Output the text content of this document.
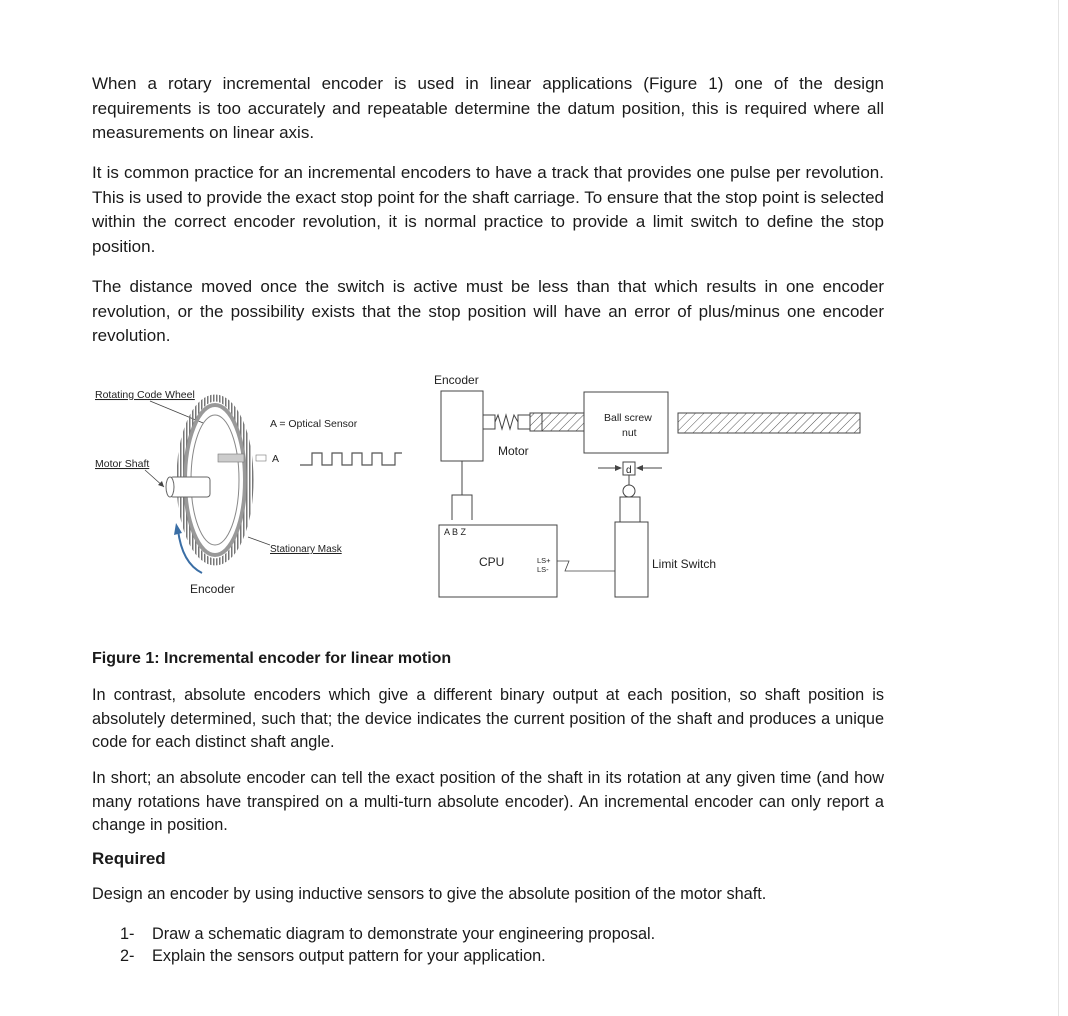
When a rotary incremental encoder is used in linear applications (Figure 1) one of the design requirements is too accurately and repeatable determine the datum position, this is required where all measurements on linear axis.

It is common practice for an incremental encoders to have a track that provides one pulse per revolution. This is used to provide the exact stop point for the shaft carriage. To ensure that the stop point is selected within the correct encoder revolution, it is normal practice to provide a limit switch to define the stop position.

The distance moved once the switch is active must be less than that which results in one encoder revolution, or the possibility exists that the stop position will have an error of plus/minus one encoder revolution.

Rotating Code Wheel
Motor Shaft
A = Optical Sensor
A
Stationary Mask
Encoder
Encoder
Motor
Ball screw
nut
d
Limit Switch
A B Z
CPU	LS+
LS-

Figure 1: Incremental encoder for linear motion

In contrast, absolute encoders which give a different binary output at each position, so shaft position is absolutely determined, such that; the device indicates the current position of the shaft and produces a unique code for each distinct shaft angle.

In short; an absolute encoder can tell the exact position of the shaft in its rotation at any given time (and how many rotations have transpired on a multi-turn absolute encoder). An incremental encoder can only report a change in position.

Required

Design an encoder by using inductive sensors to give the absolute position of the motor shaft.

1-	Draw a schematic diagram to demonstrate your engineering proposal.
2-	Explain the sensors output pattern for your application.
